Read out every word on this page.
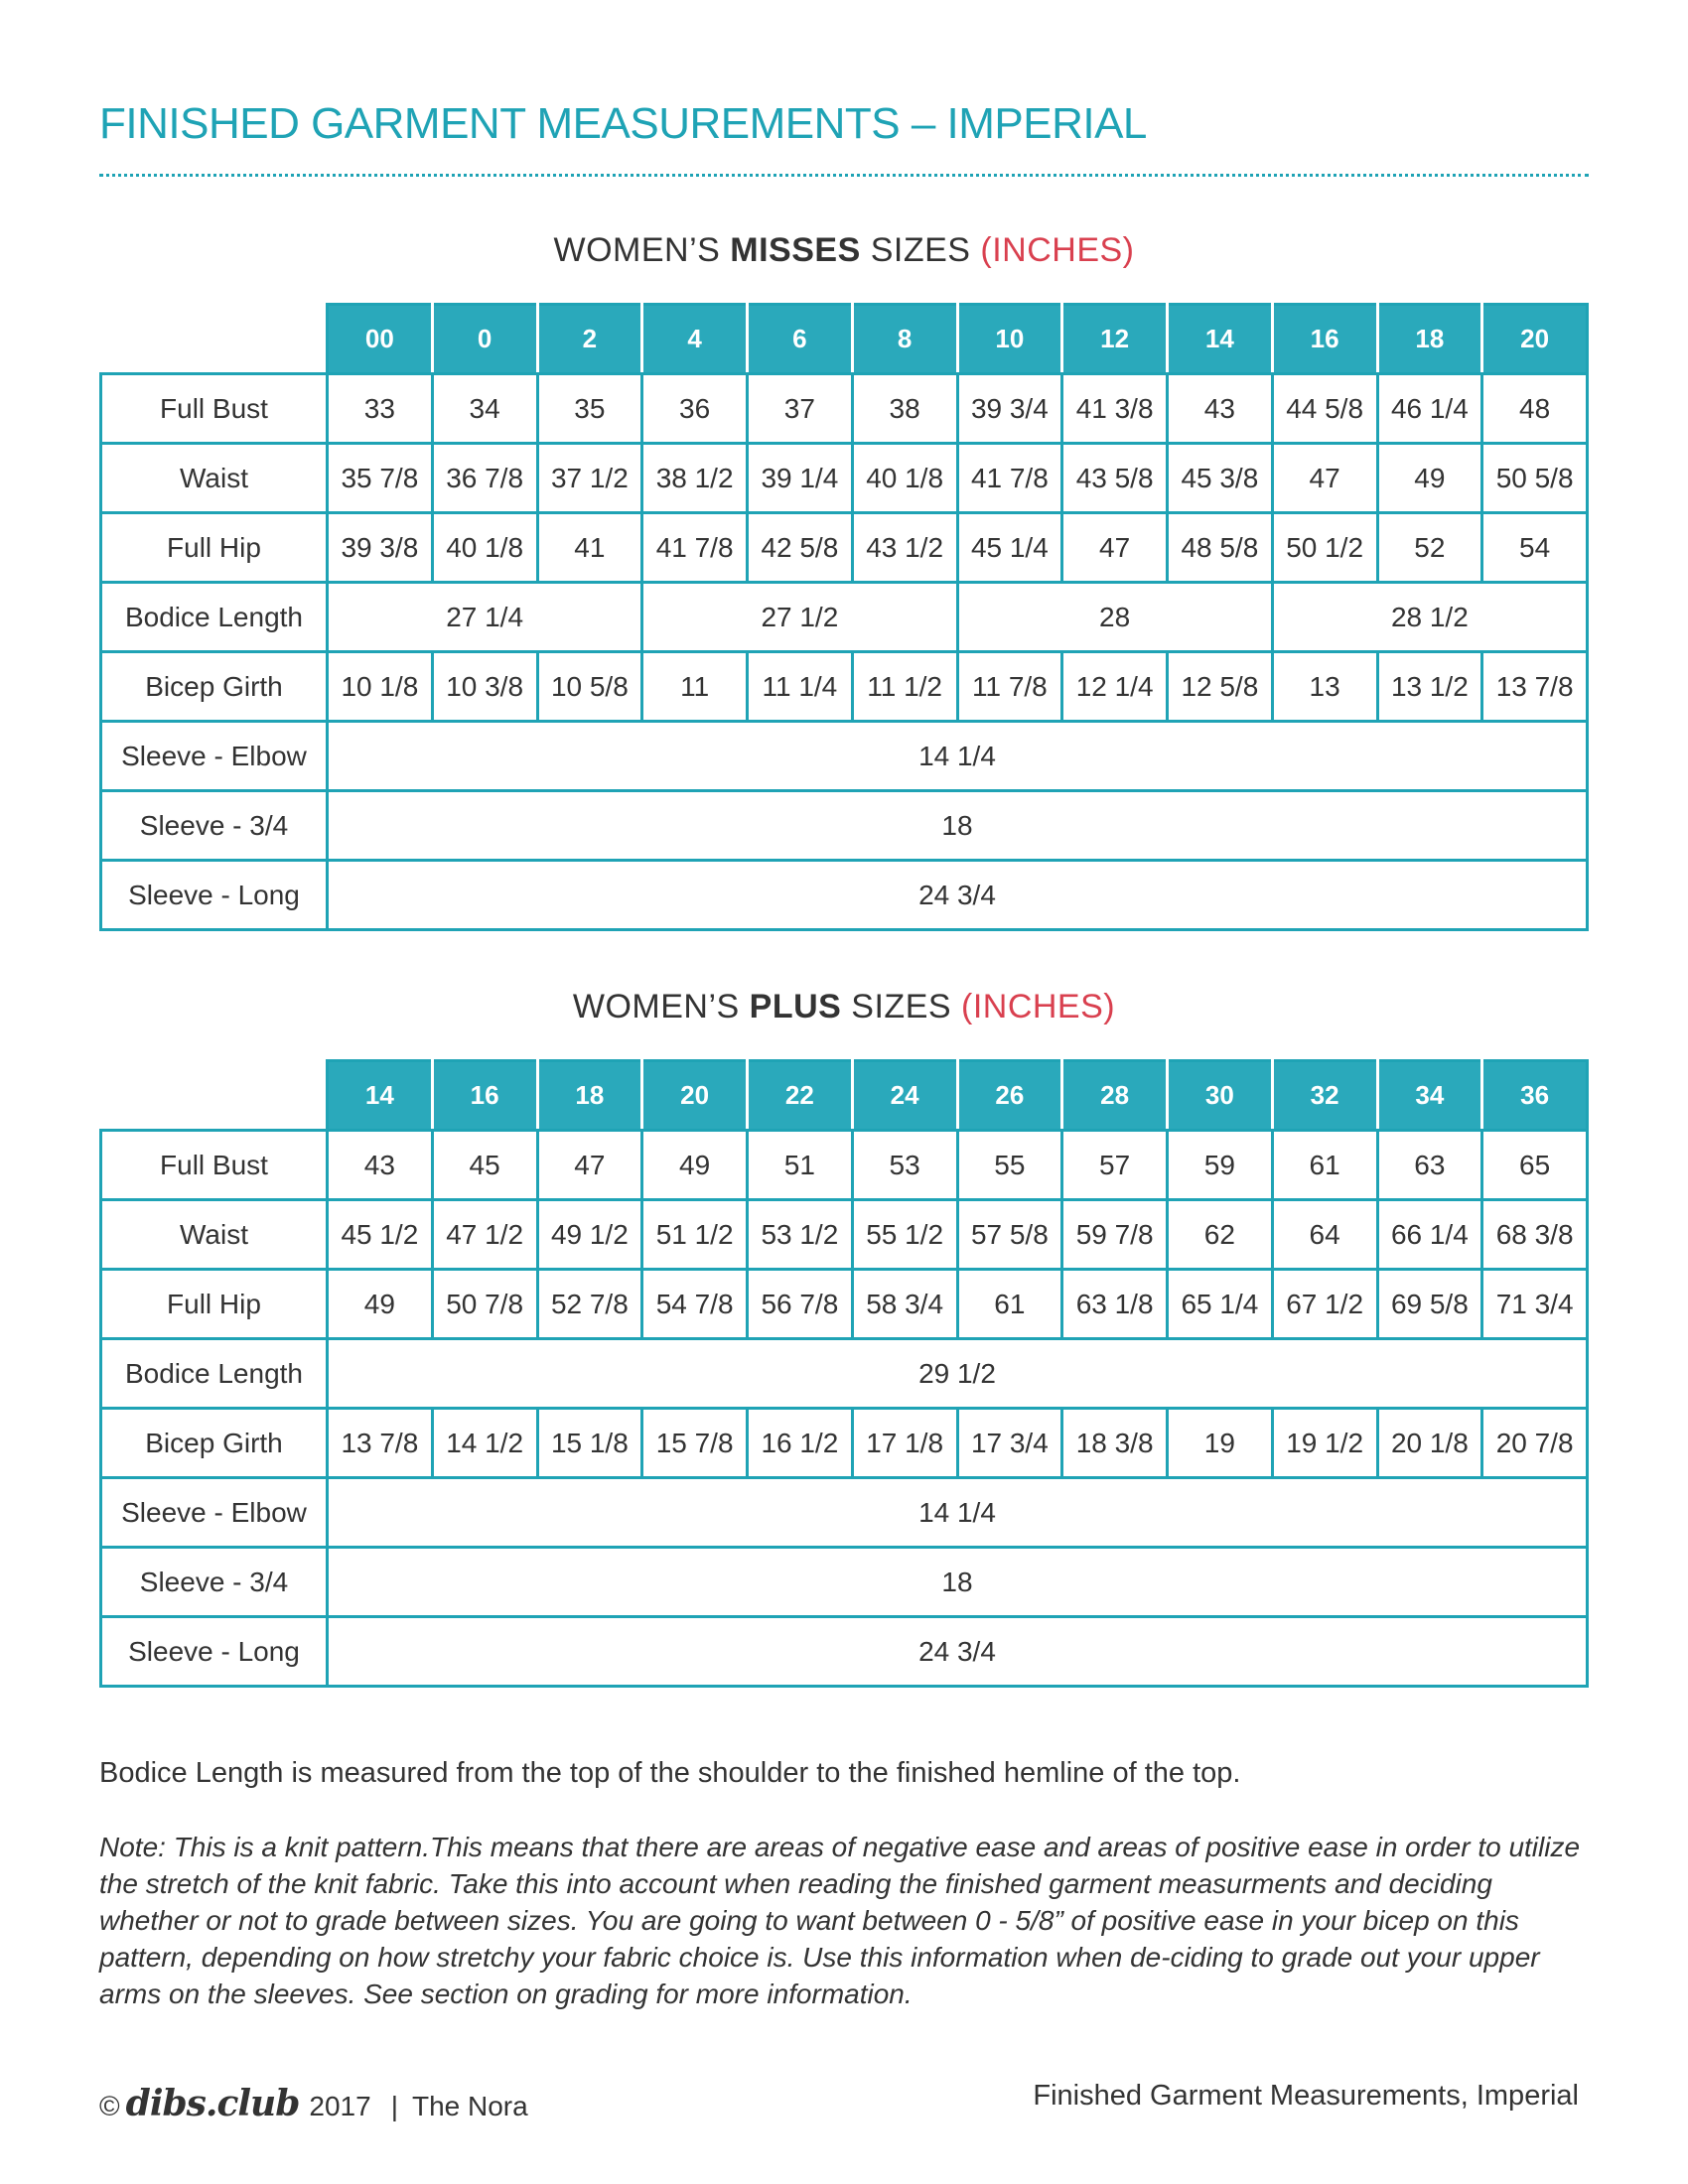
FINISHED GARMENT MEASUREMENTS – IMPERIAL
WOMEN’S MISSES SIZES (INCHES)
	00	0	2	4	6	8	10	12	14	16	18	20
Full Bust	33	34	35	36	37	38	39 3/4	41 3/8	43	44 5/8	46 1/4	48
Waist	35 7/8	36 7/8	37 1/2	38 1/2	39 1/4	40 1/8	41 7/8	43 5/8	45 3/8	47	49	50 5/8
Full Hip	39 3/8	40 1/8	41	41 7/8	42 5/8	43 1/2	45 1/4	47	48 5/8	50 1/2	52	54
Bodice Length	27 1/4			27 1/2			28			28 1/2		
Bicep Girth	10 1/8	10 3/8	10 5/8	11	11 1/4	11 1/2	11 7/8	12 1/4	12 5/8	13	13 1/2	13 7/8
Sleeve - Elbow	14 1/4											
Sleeve - 3/4	18											
Sleeve - Long	24 3/4											
WOMEN’S PLUS SIZES (INCHES)
	14	16	18	20	22	24	26	28	30	32	34	36
Full Bust	43	45	47	49	51	53	55	57	59	61	63	65
Waist	45 1/2	47 1/2	49 1/2	51 1/2	53 1/2	55 1/2	57 5/8	59 7/8	62	64	66 1/4	68 3/8
Full Hip	49	50 7/8	52 7/8	54 7/8	56 7/8	58 3/4	61	63 1/8	65 1/4	67 1/2	69 5/8	71 3/4
Bodice Length	29 1/2											
Bicep Girth	13 7/8	14 1/2	15 1/8	15 7/8	16 1/2	17 1/8	17 3/4	18 3/8	19	19 1/2	20 1/8	20 7/8
Sleeve - Elbow	14 1/4											
Sleeve - 3/4	18											
Sleeve - Long	24 3/4											
Bodice Length is measured from the top of the shoulder to the finished hemline of the top.
Note: This is a knit pattern.This means that there are areas of negative ease and areas of positive ease in order to utilize the stretch of the knit fabric. Take this into account when reading the finished garment measurments and deciding whether or not to grade between sizes. You are going to want between 0 - 5/8” of positive ease in your bicep on this pattern, depending on how stretchy your fabric choice is. Use this information when de-ciding to grade out your upper arms on the sleeves. See section on grading for more information.
© dibs.club 2017 | The Nora	Finished Garment Measurements, Imperial
